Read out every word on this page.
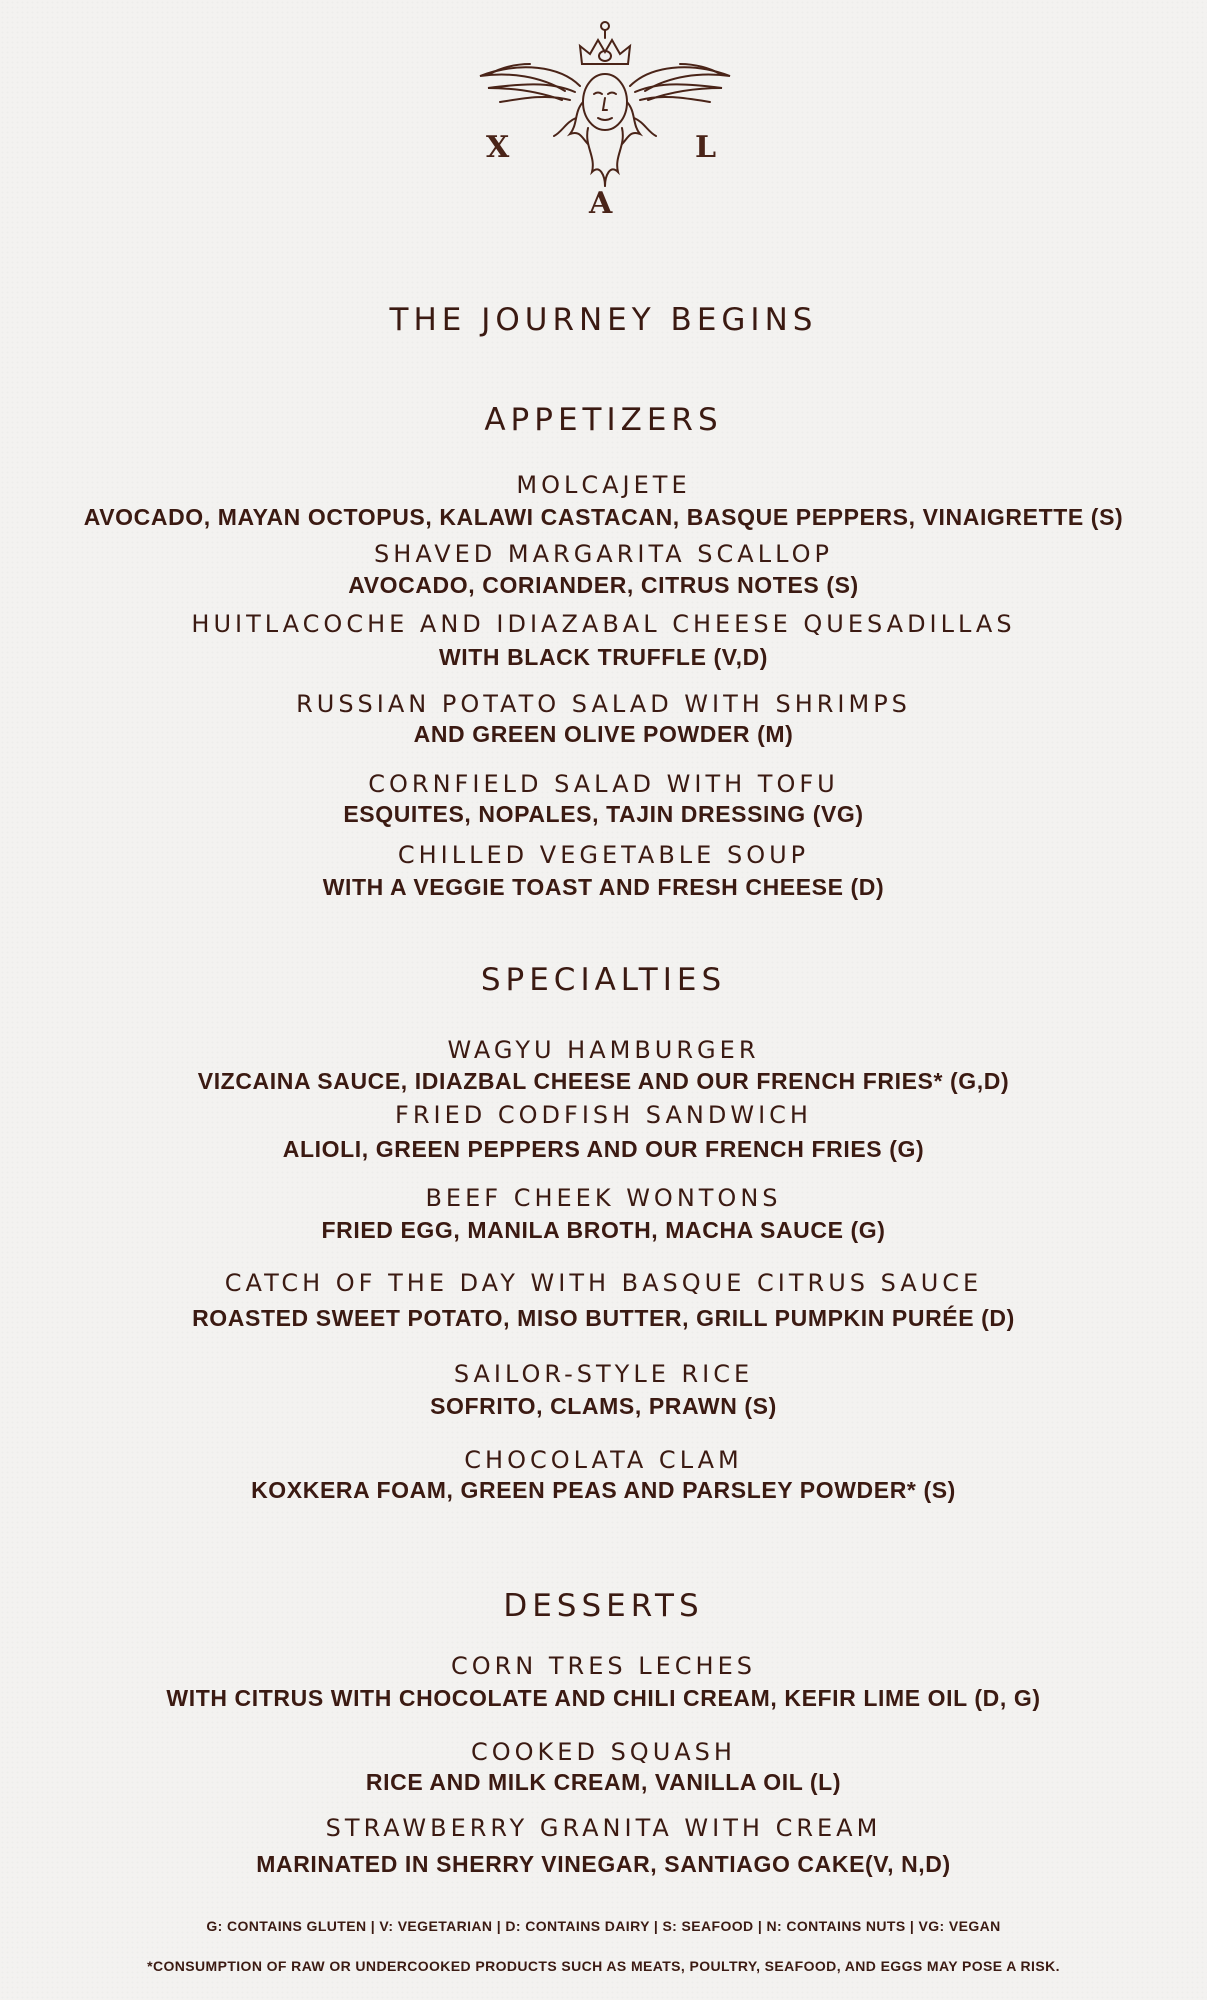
X	L
A
THE JOURNEY BEGINS
APPETIZERS
MOLCAJETE
AVOCADO, MAYAN OCTOPUS, KALAWI CASTACAN, BASQUE PEPPERS, VINAIGRETTE (S)
SHAVED MARGARITA SCALLOP
AVOCADO, CORIANDER, CITRUS NOTES (S)
HUITLACOCHE AND IDIAZABAL CHEESE QUESADILLAS
WITH BLACK TRUFFLE (V,D)
RUSSIAN POTATO SALAD WITH SHRIMPS
AND GREEN OLIVE POWDER (M)
CORNFIELD SALAD WITH TOFU
ESQUITES, NOPALES, TAJIN DRESSING (VG)
CHILLED VEGETABLE SOUP
WITH A VEGGIE TOAST AND FRESH CHEESE (D)
SPECIALTIES
WAGYU HAMBURGER
VIZCAINA SAUCE, IDIAZBAL CHEESE AND OUR FRENCH FRIES* (G,D)
FRIED CODFISH SANDWICH
ALIOLI, GREEN PEPPERS AND OUR FRENCH FRIES (G)
BEEF CHEEK WONTONS
FRIED EGG, MANILA BROTH, MACHA SAUCE (G)
CATCH OF THE DAY WITH BASQUE CITRUS SAUCE
ROASTED SWEET POTATO, MISO BUTTER, GRILL PUMPKIN PURÉE (D)
SAILOR-STYLE RICE
SOFRITO, CLAMS, PRAWN (S)
CHOCOLATA CLAM
KOXKERA FOAM, GREEN PEAS AND PARSLEY POWDER* (S)
DESSERTS
CORN TRES LECHES
WITH CITRUS WITH CHOCOLATE AND CHILI CREAM, KEFIR LIME OIL (D, G)
COOKED SQUASH
RICE AND MILK CREAM, VANILLA OIL (L)
STRAWBERRY GRANITA WITH CREAM
MARINATED IN SHERRY VINEGAR, SANTIAGO CAKE(V, N,D)
G: CONTAINS GLUTEN | V: VEGETARIAN | D: CONTAINS DAIRY | S: SEAFOOD | N: CONTAINS NUTS | VG: VEGAN
*CONSUMPTION OF RAW OR UNDERCOOKED PRODUCTS SUCH AS MEATS, POULTRY, SEAFOOD, AND EGGS MAY POSE A RISK.
